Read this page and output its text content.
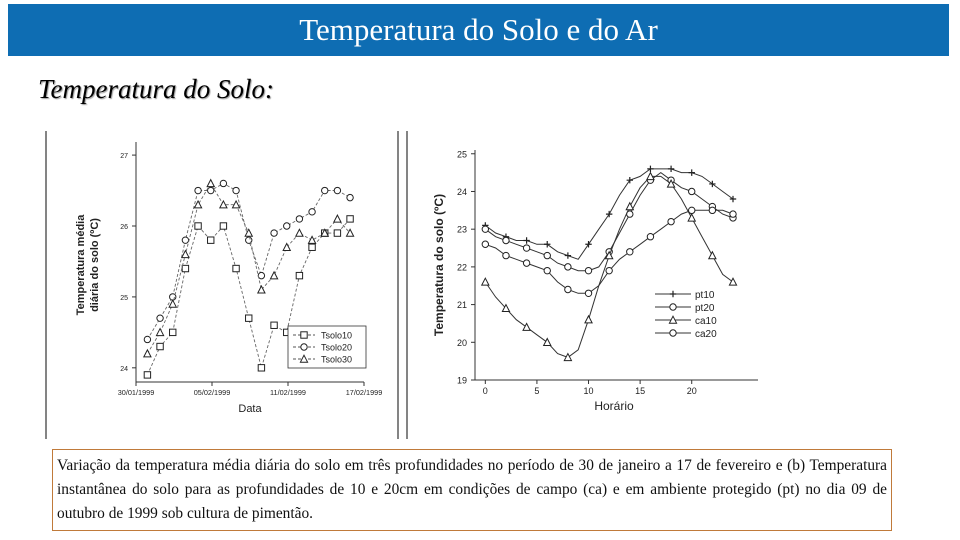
Temperatura do Solo e do Ar
Temperatura do Solo:
24
25
26
27
30/01/1999	05/02/1999	11/02/1999	17/02/1999
Data
Temperatura média diária do solo (ºC)
Tsolo10
Tsolo20
Tsolo30
19
20
21
22
23
24
25
0	5	10	15	20
Horário
Temperatura do solo (ºC)	pt10
pt20
ca10
ca20
Variação da temperatura média diária do solo em três profundidades no período de 30 de janeiro a 17 de fevereiro e (b) Temperatura instantânea do solo para as profundidades de 10 e 20cm em condições de campo (ca) e em ambiente protegido (pt) no dia 09 de outubro de 1999 sob cultura de pimentão.
